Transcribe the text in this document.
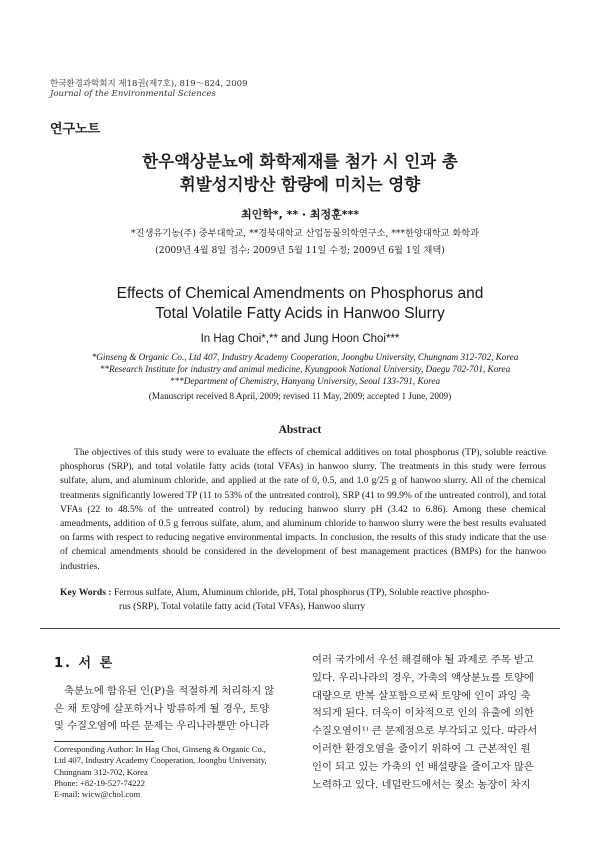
한국환경과학회지 제18권(제7호), 819～824, 2009
Journal of the Environmental Sciences
연구노트
한우액상분뇨에 화학제재를 첨가 시 인과 총
휘발성지방산 함량에 미치는 영향
최인학*, ** · 최정훈***
*진생유기농(주) 중부대학교, **경북대학교 산업동물의학연구소, ***한양대학교 화학과
(2009년 4월 8일 접수; 2009년 5월 11일 수정; 2009년 6월 1일 채택)
Effects of Chemical Amendments on Phosphorus and
Total Volatile Fatty Acids in Hanwoo Slurry
In Hag Choi*,** and Jung Hoon Choi***
*Ginseng & Organic Co., Ltd 407, Industry Academy Cooperation, Joongbu University, Chungnam 312-702, Korea
**Research Institute for industry and animal medicine, Kyungpook National University, Daegu 702-701, Korea
***Department of Chemistry, Hanyang University, Seoul 133-791, Korea
(Manuscript received 8 April, 2009; revised 11 May, 2009; accepted 1 June, 2009)
Abstract
The objectives of this study were to evaluate the effects of chemical additives on total phosphorus (TP), soluble reactive phosphorus (SRP), and total volatile fatty acids (total VFAs) in hanwoo slurry. The treatments in this study were ferrous sulfate, alum, and aluminum chloride, and applied at the rate of 0, 0.5, and 1.0 g/25 g of hanwoo slurry. All of the chemical treatments significantly lowered TP (11 to 53% of the untreated control), SRP (41 to 99.9% of the untreated control), and total VFAs (22 to 48.5% of the untreated control) by reducing hanwoo slurry pH (3.42 to 6.86). Among these chemical amendments, addition of 0.5 g ferrous sulfate, alum, and aluminum chloride to hanwoo slurry were the best results evaluated on farms with respect to reducing negative environmental impacts. In conclusion, the results of this study indicate that the use of chemical amendments should be considered in the development of best management practices (BMPs) for the hanwoo industries.
Key Words : Ferrous sulfate, Alum, Aluminum chloride, pH, Total phosphorus (TP), Soluble reactive phospho-
rus (SRP), Total volatile fatty acid (Total VFAs), Hanwoo slurry
1. 서 론
축분뇨에 함유된 인(P)을 적절하게 처리하지 않
은 채 토양에 살포하거나 방류하게 될 경우, 토양
및 수질오염에 따른 문제는 우리나라뿐만 아니라
Corresponding Author: In Hag Choi, Ginseng & Organic Co.,
Ltd 407, Industry Academy Cooperation, Joongbu University,
Chungnam 312-702, Korea
Phone: +82-19-527-74222
E-mail: wicw@chol.com
여러 국가에서 우선 해결해야 될 과제로 주목 받고
있다. 우리나라의 경우, 가축의 액상분뇨를 토양에
대량으로 반복 살포함으로써 토양에 인이 과잉 축
적되게 된다. 더욱이 이차적으로 인의 유출에 의한
수질오염이¹⁾ 큰 문제점으로 부각되고 있다. 따라서
이러한 환경오염을 줄이기 위하여 그 근본적인 원
인이 되고 있는 가축의 인 배설량을 줄이고자 많은
노력하고 있다. 네덜란드에서는 젖소 농장이 차지
